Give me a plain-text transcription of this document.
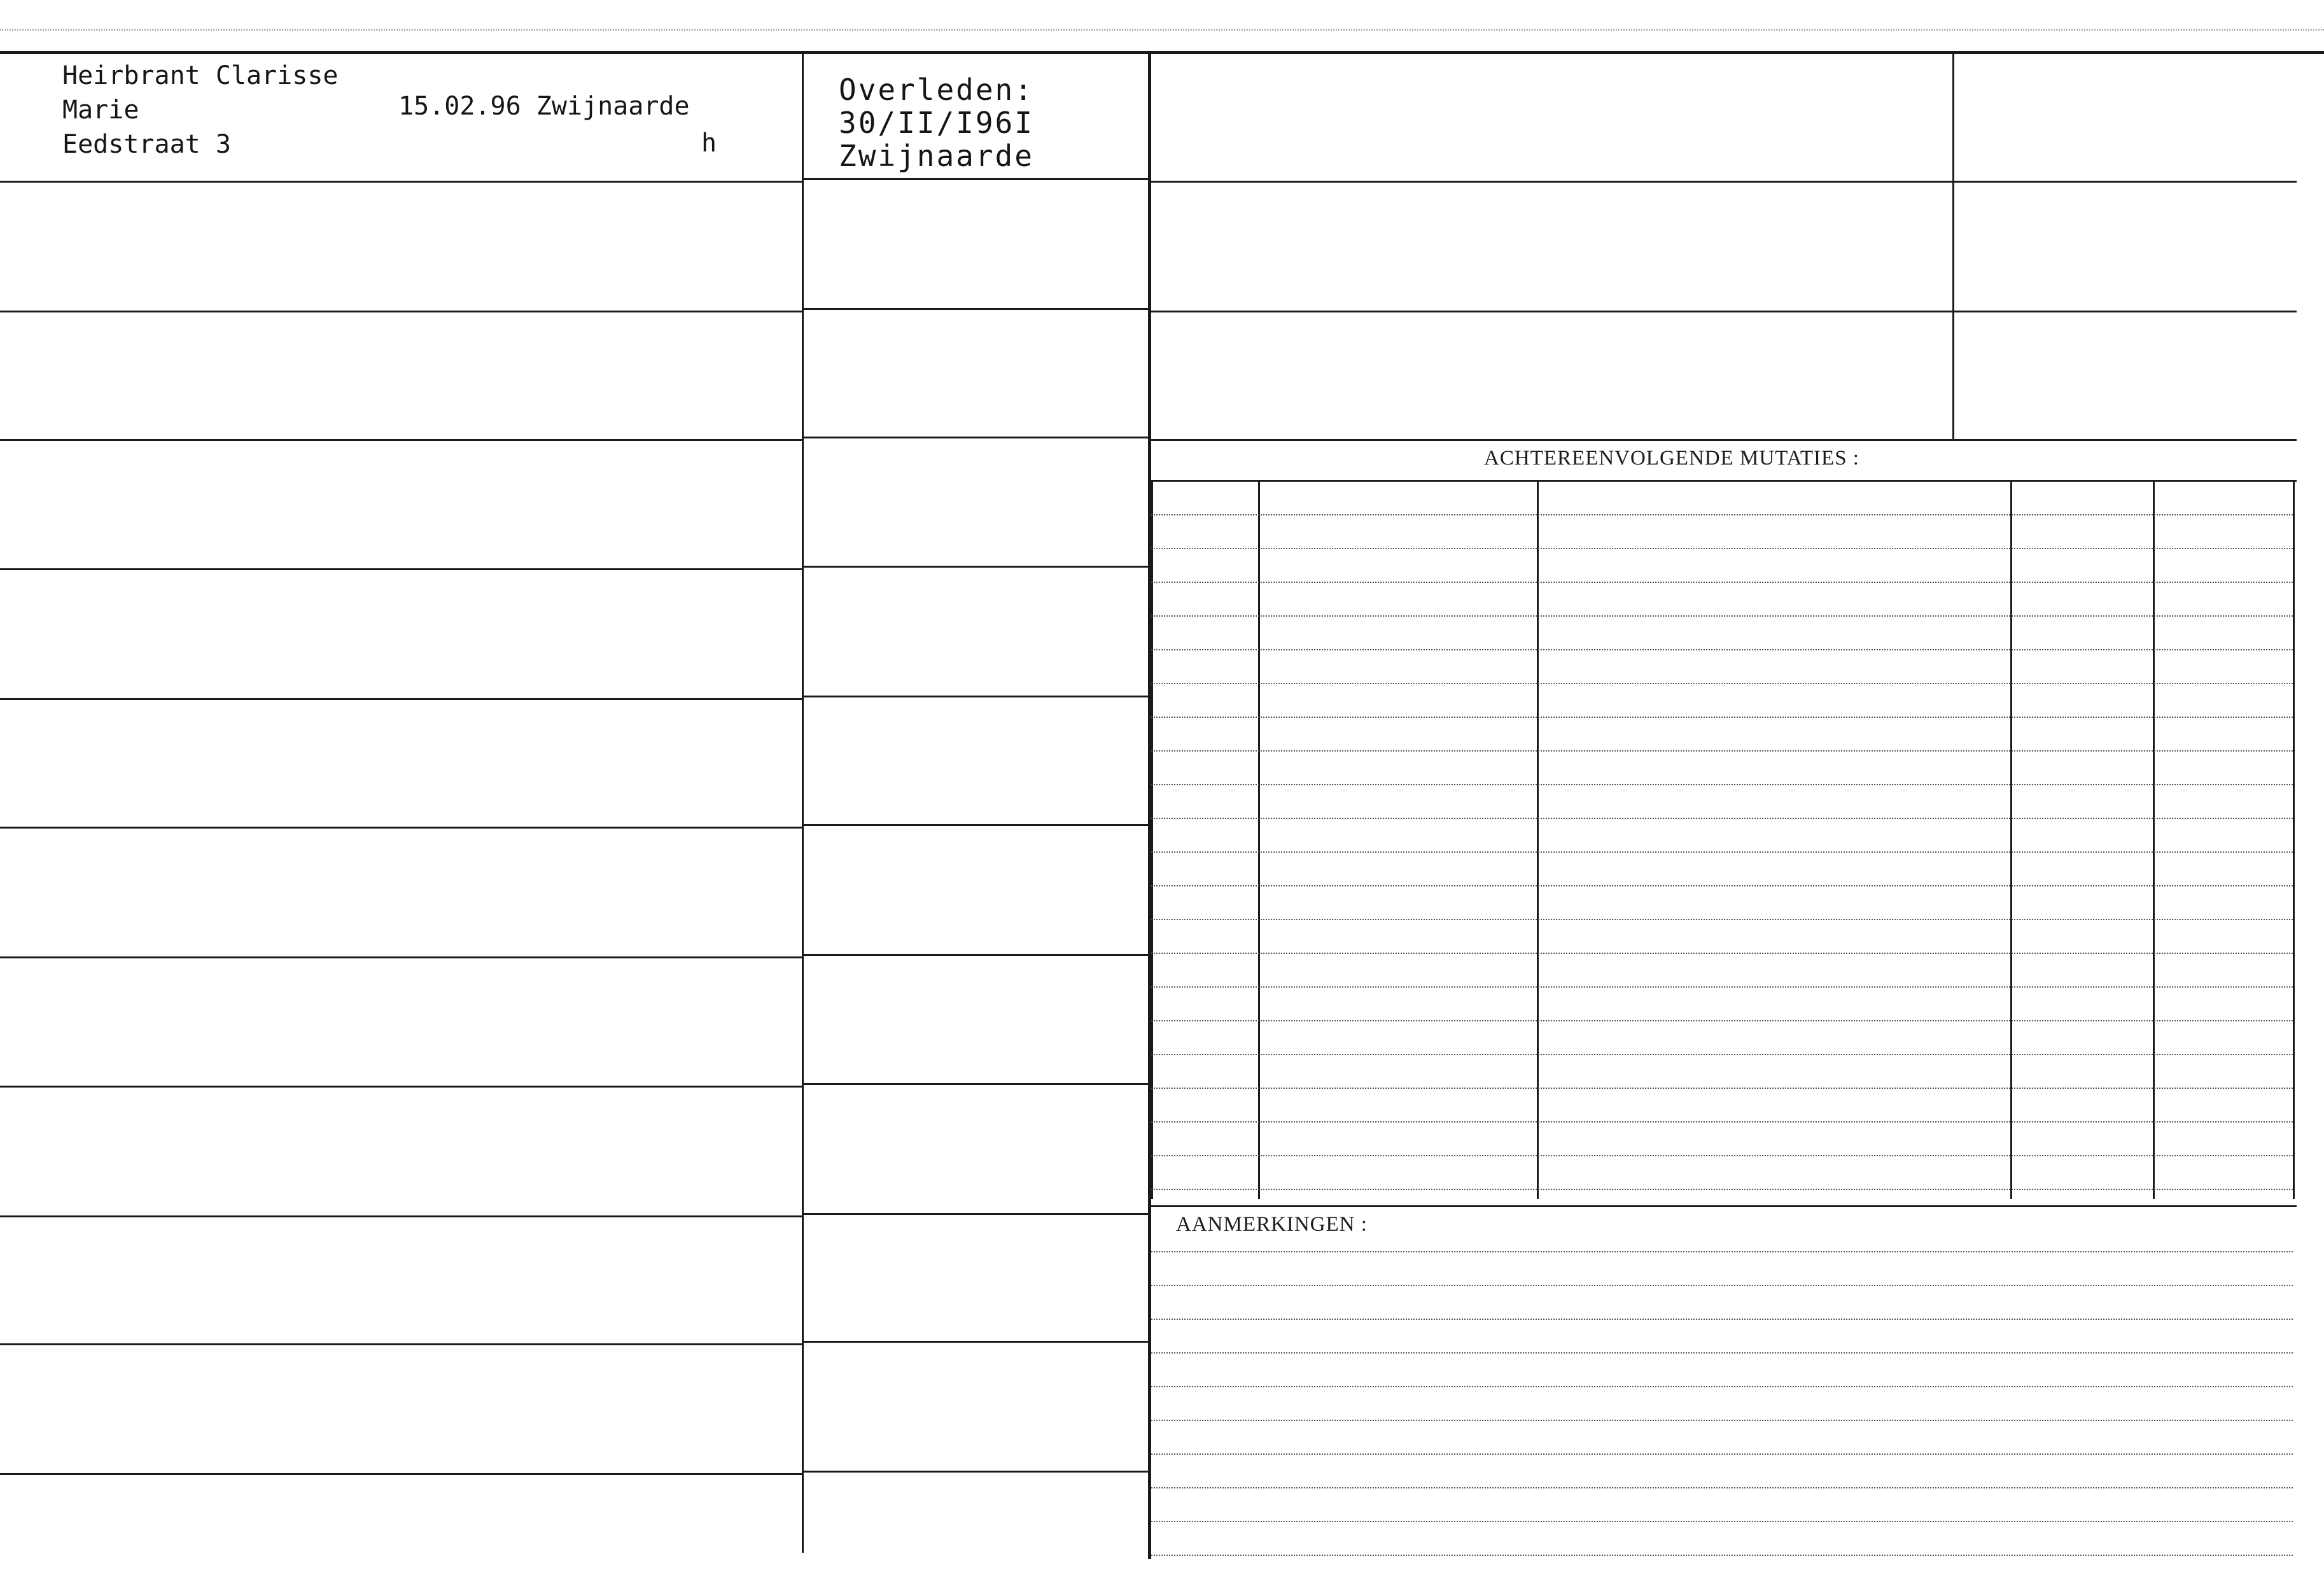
Heirbrant Clarisse
Marie
Eedstraat 3
15.02.96 Zwijnaarde
h
Overleden:
30/II/I96I
Zwijnaarde
ACHTEREENVOLGENDE MUTATIES :
AANMERKINGEN :
